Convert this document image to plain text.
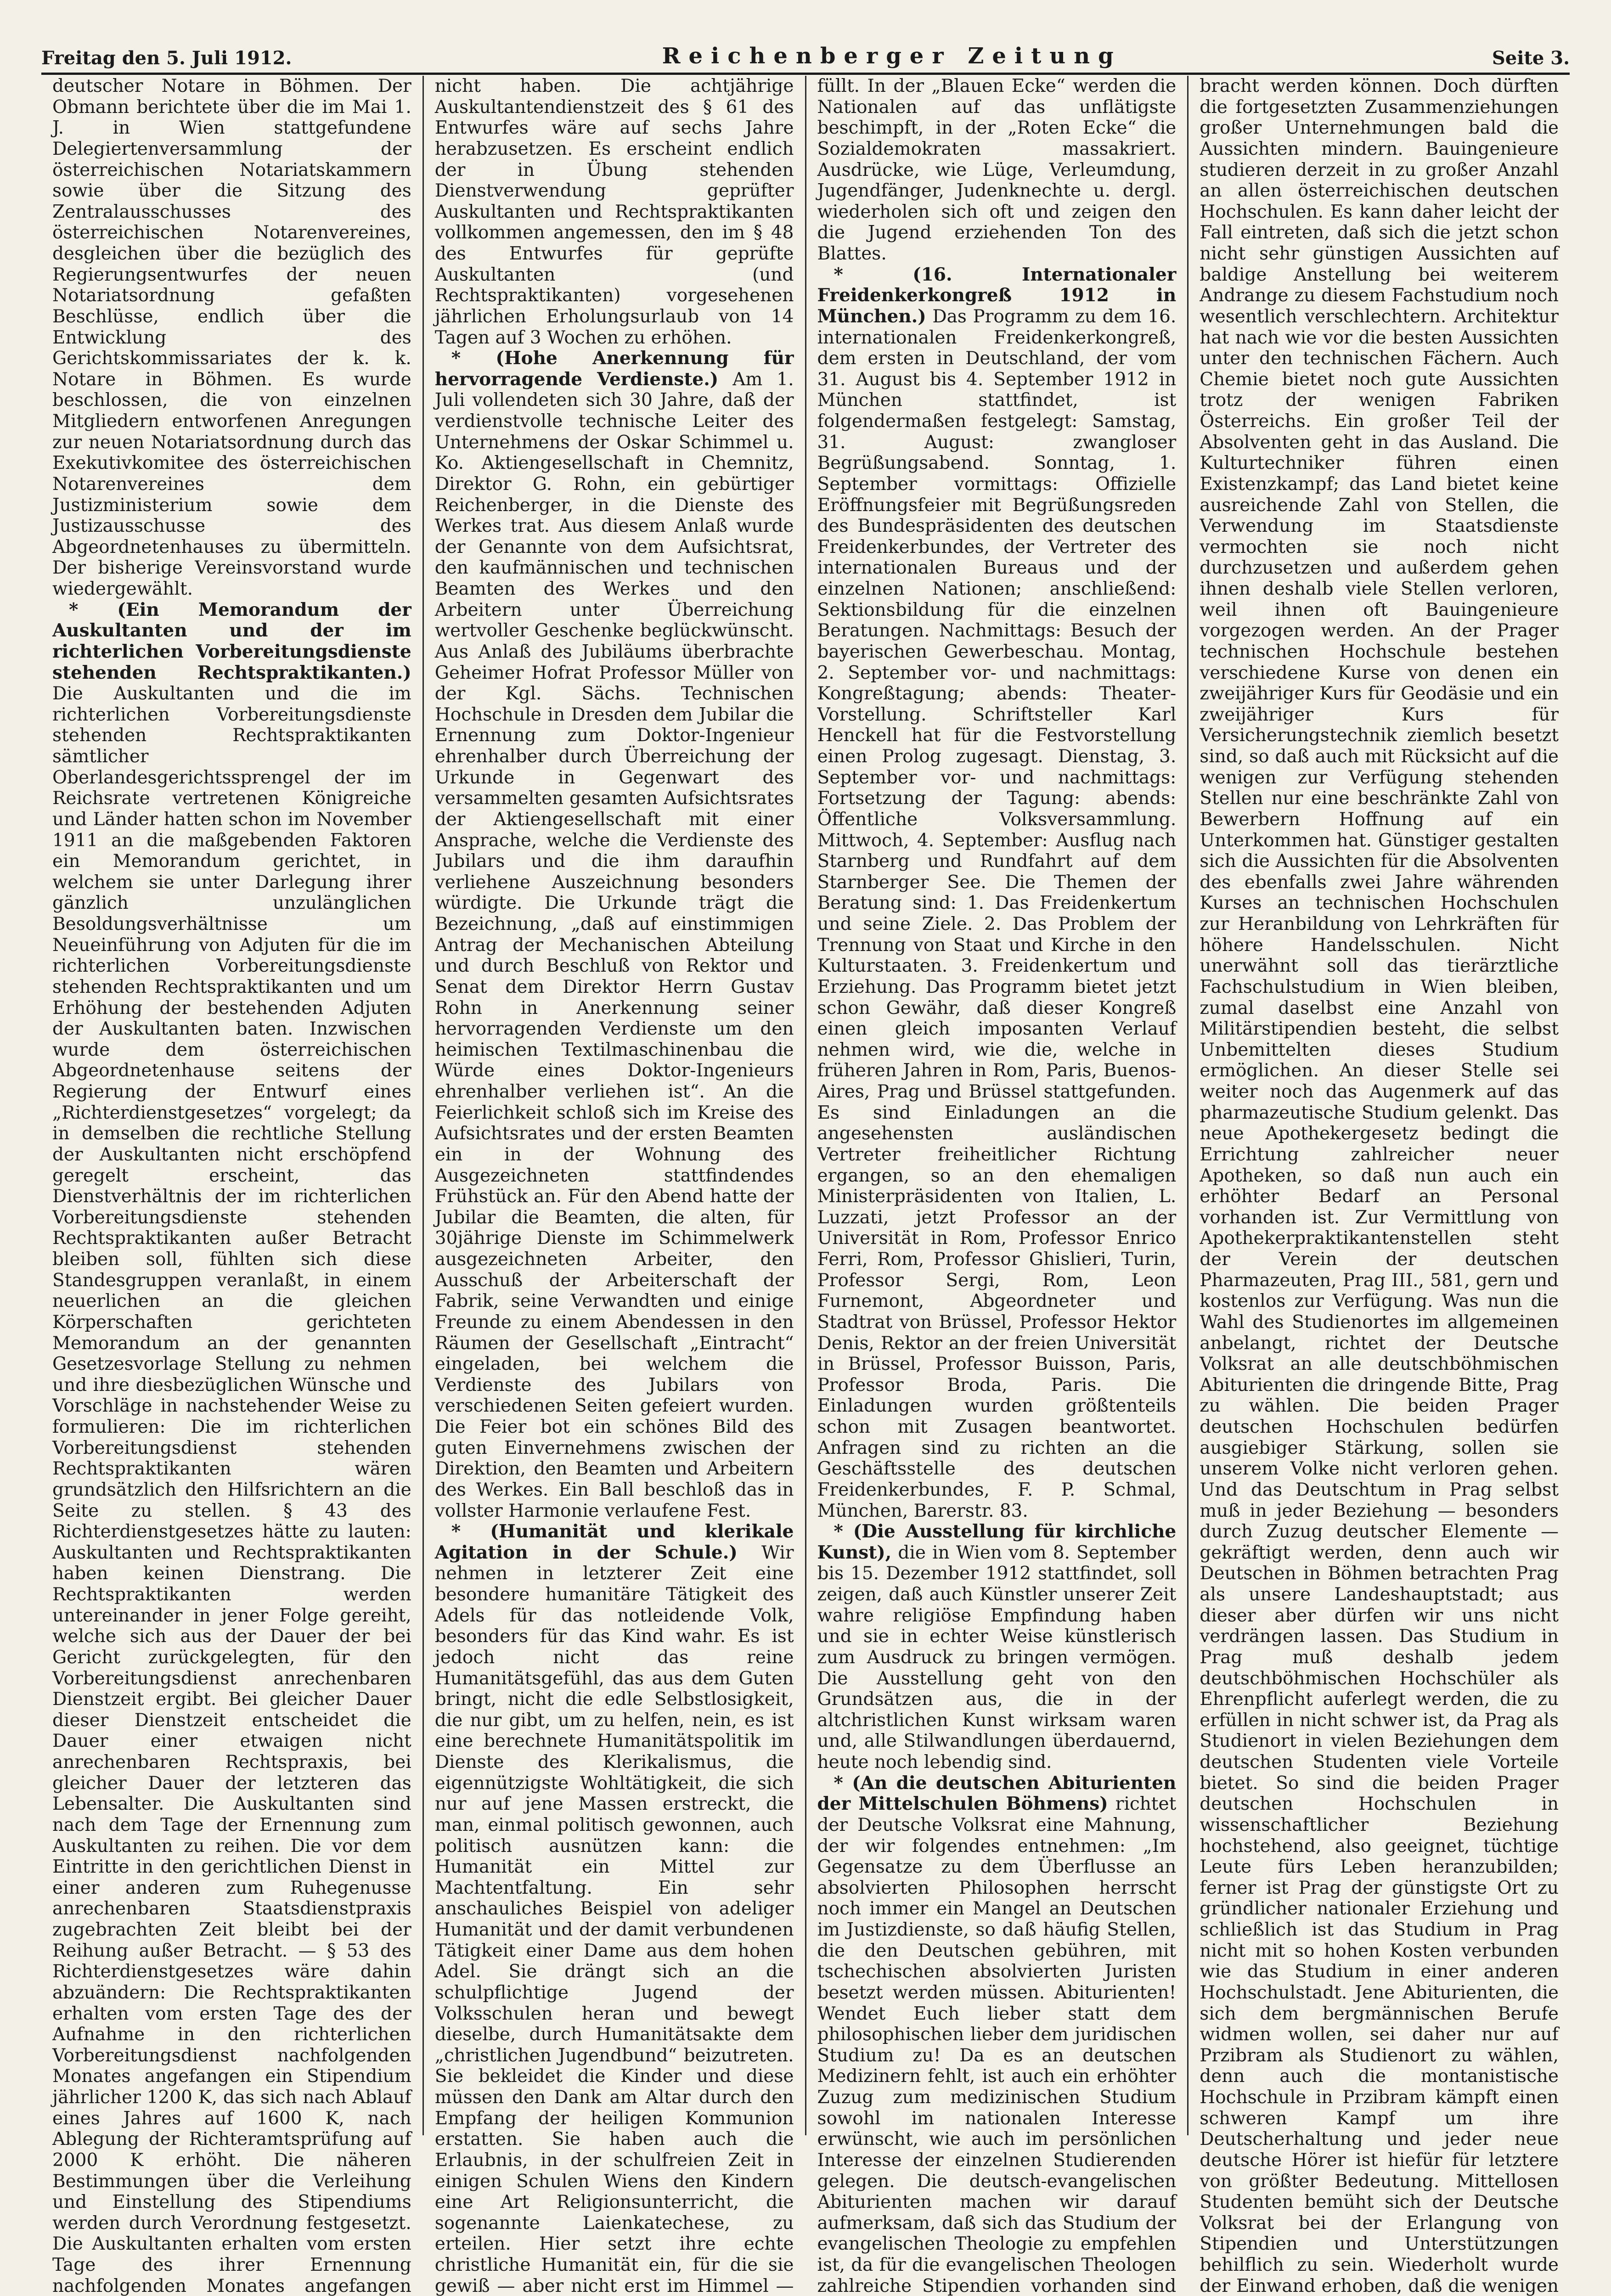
Freitag den 5. Juli 1912.	Reichenberger Zeitung	Seite 3.

deutscher Notare in Böhmen. Der Obmann berichtete über die im Mai 1. J. in Wien stattgefundene Delegiertenversammlung der österreichischen Notariatskammern sowie über die Sitzung des Zentralausschusses des österreichischen Notarenvereines, desgleichen über die bezüglich des Regierungsentwurfes der neuen Notariatsordnung gefaßten Beschlüsse, endlich über die Entwicklung des Gerichtskommissariates der k. k. Notare in Böhmen. Es wurde beschlossen, die von einzelnen Mitgliedern entworfenen Anregungen zur neuen Notariatsordnung durch das Exekutivkomitee des österreichischen Notarenvereines dem Justizministerium sowie dem Justizausschusse des Abgeordnetenhauses zu übermitteln. Der bisherige Vereinsvorstand wurde wiedergewählt.

* (Ein Memorandum der Auskultanten und der im richterlichen Vorbereitungsdienste stehenden Rechtspraktikanten.) Die Auskultanten und die im richterlichen Vorbereitungsdienste stehenden Rechtspraktikanten sämtlicher Oberlandesgerichtssprengel der im Reichsrate vertretenen Königreiche und Länder hatten schon im November 1911 an die maßgebenden Faktoren ein Memorandum gerichtet, in welchem sie unter Darlegung ihrer gänzlich unzulänglichen Besoldungsverhältnisse um Neueinführung von Adjuten für die im richterlichen Vorbereitungsdienste stehenden Rechtspraktikanten und um Erhöhung der bestehenden Adjuten der Auskultanten baten. Inzwischen wurde dem österreichischen Abgeordnetenhause seitens der Regierung der Entwurf eines „Richterdienstgesetzes“ vorgelegt; da in demselben die rechtliche Stellung der Auskultanten nicht erschöpfend geregelt erscheint, das Dienstverhältnis der im richterlichen Vorbereitungsdienste stehenden Rechtspraktikanten außer Betracht bleiben soll, fühlten sich diese Standesgruppen veranlaßt, in einem neuerlichen an die gleichen Körperschaften gerichteten Memorandum an der genannten Gesetzesvorlage Stellung zu nehmen und ihre diesbezüglichen Wünsche und Vorschläge in nachstehender Weise zu formulieren: Die im richterlichen Vorbereitungsdienst stehenden Rechtspraktikanten wären grundsätzlich den Hilfsrichtern an die Seite zu stellen. § 43 des Richterdienstgesetzes hätte zu lauten: Auskultanten und Rechtspraktikanten haben keinen Dienstrang. Die Rechtspraktikanten werden untereinander in jener Folge gereiht, welche sich aus der Dauer der bei Gericht zurückgelegten, für den Vorbereitungsdienst anrechenbaren Dienstzeit ergibt. Bei gleicher Dauer dieser Dienstzeit entscheidet die Dauer einer etwaigen nicht anrechenbaren Rechtspraxis, bei gleicher Dauer der letzteren das Lebensalter. Die Auskultanten sind nach dem Tage der Ernennung zum Auskultanten zu reihen. Die vor dem Eintritte in den gerichtlichen Dienst in einer anderen zum Ruhegenusse anrechenbaren Staatsdienstpraxis zugebrachten Zeit bleibt bei der Reihung außer Betracht. — § 53 des Richterdienstgesetzes wäre dahin abzuändern: Die Rechtspraktikanten erhalten vom ersten Tage des der Aufnahme in den richterlichen Vorbereitungsdienst nachfolgenden Monates angefangen ein Stipendium jährlicher 1200 K, das sich nach Ablauf eines Jahres auf 1600 K, nach Ablegung der Richteramtsprüfung auf 2000 K erhöht. Die näheren Bestimmungen über die Verleihung und Einstellung des Stipendiums werden durch Verordnung festgesetzt. Die Auskultanten erhalten vom ersten Tage des ihrer Ernennung nachfolgenden Monates angefangen

nicht haben. Die achtjährige Auskultantendienstzeit des § 61 des Entwurfes wäre auf sechs Jahre herabzusetzen. Es erscheint endlich der in Übung stehenden Dienstverwendung geprüfter Auskultanten und Rechtspraktikanten vollkommen angemessen, den im § 48 des Entwurfes für geprüfte Auskultanten (und Rechtspraktikanten) vorgesehenen jährlichen Erholungsurlaub von 14 Tagen auf 3 Wochen zu erhöhen.

* (Hohe Anerkennung für hervorragende Verdienste.) Am 1. Juli vollendeten sich 30 Jahre, daß der verdienstvolle technische Leiter des Unternehmens der Oskar Schimmel u. Ko. Aktiengesellschaft in Chemnitz, Direktor G. Rohn, ein gebürtiger Reichenberger, in die Dienste des Werkes trat. Aus diesem Anlaß wurde der Genannte von dem Aufsichtsrat, den kaufmännischen und technischen Beamten des Werkes und den Arbeitern unter Überreichung wertvoller Geschenke beglückwünscht. Aus Anlaß des Jubiläums überbrachte Geheimer Hofrat Professor Müller von der Kgl. Sächs. Technischen Hochschule in Dresden dem Jubilar die Ernennung zum Doktor-Ingenieur ehrenhalber durch Überreichung der Urkunde in Gegenwart des versammelten gesamten Aufsichtsrates der Aktiengesellschaft mit einer Ansprache, welche die Verdienste des Jubilars und die ihm daraufhin verliehene Auszeichnung besonders würdigte. Die Urkunde trägt die Bezeichnung, „daß auf einstimmigen Antrag der Mechanischen Abteilung und durch Beschluß von Rektor und Senat dem Direktor Herrn Gustav Rohn in Anerkennung seiner hervorragenden Verdienste um den heimischen Textilmaschinenbau die Würde eines Doktor-Ingenieurs ehrenhalber verliehen ist“. An die Feierlichkeit schloß sich im Kreise des Aufsichtsrates und der ersten Beamten ein in der Wohnung des Ausgezeichneten stattfindendes Frühstück an. Für den Abend hatte der Jubilar die Beamten, die alten, für 30jährige Dienste im Schimmelwerk ausgezeichneten Arbeiter, den Ausschuß der Arbeiterschaft der Fabrik, seine Verwandten und einige Freunde zu einem Abendessen in den Räumen der Gesellschaft „Eintracht“ eingeladen, bei welchem die Verdienste des Jubilars von verschiedenen Seiten gefeiert wurden. Die Feier bot ein schönes Bild des guten Einvernehmens zwischen der Direktion, den Beamten und Arbeitern des Werkes. Ein Ball beschloß das in vollster Harmonie verlaufene Fest.

* (Humanität und klerikale Agitation in der Schule.) Wir nehmen in letzterer Zeit eine besondere humanitäre Tätigkeit des Adels für das notleidende Volk, besonders für das Kind wahr. Es ist jedoch nicht das reine Humanitätsgefühl, das aus dem Guten bringt, nicht die edle Selbstlosigkeit, die nur gibt, um zu helfen, nein, es ist eine berechnete Humanitätspolitik im Dienste des Klerikalismus, die eigennützigste Wohltätigkeit, die sich nur auf jene Massen erstreckt, die man, einmal politisch gewonnen, auch politisch ausnützen kann: die Humanität ein Mittel zur Machtentfaltung. Ein sehr anschauliches Beispiel von adeliger Humanität und der damit verbundenen Tätigkeit einer Dame aus dem hohen Adel. Sie drängt sich an die schulpflichtige Jugend der Volksschulen heran und bewegt dieselbe, durch Humanitätsakte dem „christlichen Jugendbund“ beizutreten. Sie bekleidet die Kinder und diese müssen den Dank am Altar durch den Empfang der heiligen Kommunion erstatten. Sie haben auch die Erlaubnis, in der schulfreien Zeit in einigen Schulen Wiens den Kindern eine Art Religionsunterricht, die sogenannte Laienkatechese, zu erteilen. Hier setzt ihre echte christliche Humanität ein, für die sie gewiß — aber nicht erst im Himmel —

füllt. In der „Blauen Ecke“ werden die Nationalen auf das unflätigste beschimpft, in der „Roten Ecke“ die Sozialdemokraten massakriert. Ausdrücke, wie Lüge, Verleumdung, Jugendfänger, Judenknechte u. dergl. wiederholen sich oft und zeigen den die Jugend erziehenden Ton des Blattes.

* (16. Internationaler Freidenkerkongreß 1912 in München.) Das Programm zu dem 16. internationalen Freidenkerkongreß, dem ersten in Deutschland, der vom 31. August bis 4. September 1912 in München stattfindet, ist folgendermaßen festgelegt: Samstag, 31. August: zwangloser Begrüßungsabend. Sonntag, 1. September vormittags: Offizielle Eröffnungsfeier mit Begrüßungsreden des Bundespräsidenten des deutschen Freidenkerbundes, der Vertreter des internationalen Bureaus und der einzelnen Nationen; anschließend: Sektionsbildung für die einzelnen Beratungen. Nachmittags: Besuch der bayerischen Gewerbeschau. Montag, 2. September vor- und nachmittags: Kongreßtagung; abends: Theater-Vorstellung. Schriftsteller Karl Henckell hat für die Festvorstellung einen Prolog zugesagt. Dienstag, 3. September vor- und nachmittags: Fortsetzung der Tagung: abends: Öffentliche Volksversammlung. Mittwoch, 4. September: Ausflug nach Starnberg und Rundfahrt auf dem Starnberger See. Die Themen der Beratung sind: 1. Das Freidenkertum und seine Ziele. 2. Das Problem der Trennung von Staat und Kirche in den Kulturstaaten. 3. Freidenkertum und Erziehung. Das Programm bietet jetzt schon Gewähr, daß dieser Kongreß einen gleich imposanten Verlauf nehmen wird, wie die, welche in früheren Jahren in Rom, Paris, Buenos-Aires, Prag und Brüssel stattgefunden. Es sind Einladungen an die angesehensten ausländischen Vertreter freiheitlicher Richtung ergangen, so an den ehemaligen Ministerpräsidenten von Italien, L. Luzzati, jetzt Professor an der Universität in Rom, Professor Enrico Ferri, Rom, Professor Ghislieri, Turin, Professor Sergi, Rom, Leon Furnemont, Abgeordneter und Stadtrat von Brüssel, Professor Hektor Denis, Rektor an der freien Universität in Brüssel, Professor Buisson, Paris, Professor Broda, Paris. Die Einladungen wurden größtenteils schon mit Zusagen beantwortet. Anfragen sind zu richten an die Geschäftsstelle des deutschen Freidenkerbundes, F. P. Schmal, München, Barerstr. 83.

* (Die Ausstellung für kirchliche Kunst), die in Wien vom 8. September bis 15. Dezember 1912 stattfindet, soll zeigen, daß auch Künstler unserer Zeit wahre religiöse Empfindung haben und sie in echter Weise künstlerisch zum Ausdruck zu bringen vermögen. Die Ausstellung geht von den Grundsätzen aus, die in der altchristlichen Kunst wirksam waren und, alle Stilwandlungen überdauernd, heute noch lebendig sind.

* (An die deutschen Abiturienten der Mittelschulen Böhmens) richtet der Deutsche Volksrat eine Mahnung, der wir folgendes entnehmen: „Im Gegensatze zu dem Überflusse an absolvierten Philosophen herrscht noch immer ein Mangel an Deutschen im Justizdienste, so daß häufig Stellen, die den Deutschen gebühren, mit tschechischen absolvierten Juristen besetzt werden müssen. Abiturienten! Wendet Euch lieber statt dem philosophischen lieber dem juridischen Studium zu! Da es an deutschen Medizinern fehlt, ist auch ein erhöhter Zuzug zum medizinischen Studium sowohl im nationalen Interesse erwünscht, wie auch im persönlichen Interesse der einzelnen Studierenden gelegen. Die deutsch-evangelischen Abiturienten machen wir darauf aufmerksam, daß sich das Studium der evangelischen Theologie zu empfehlen ist, da für die evangelischen Theologen zahlreiche Stipendien vorhanden sind

bracht werden können. Doch dürften die fortgesetzten Zusammenziehungen großer Unternehmungen bald die Aussichten mindern. Bauingenieure studieren derzeit in zu großer Anzahl an allen österreichischen deutschen Hochschulen. Es kann daher leicht der Fall eintreten, daß sich die jetzt schon nicht sehr günstigen Aussichten auf baldige Anstellung bei weiterem Andrange zu diesem Fachstudium noch wesentlich verschlechtern. Architektur hat nach wie vor die besten Aussichten unter den technischen Fächern. Auch Chemie bietet noch gute Aussichten trotz der wenigen Fabriken Österreichs. Ein großer Teil der Absolventen geht in das Ausland. Die Kulturtechniker führen einen Existenzkampf; das Land bietet keine ausreichende Zahl von Stellen, die Verwendung im Staatsdienste vermochten sie noch nicht durchzusetzen und außerdem gehen ihnen deshalb viele Stellen verloren, weil ihnen oft Bauingenieure vorgezogen werden. An der Prager technischen Hochschule bestehen verschiedene Kurse von denen ein zweijähriger Kurs für Geodäsie und ein zweijähriger Kurs für Versicherungstechnik ziemlich besetzt sind, so daß auch mit Rücksicht auf die wenigen zur Verfügung stehenden Stellen nur eine beschränkte Zahl von Bewerbern Hoffnung auf ein Unterkommen hat. Günstiger gestalten sich die Aussichten für die Absolventen des ebenfalls zwei Jahre währenden Kurses an technischen Hochschulen zur Heranbildung von Lehrkräften für höhere Handelsschulen. Nicht unerwähnt soll das tierärztliche Fachschulstudium in Wien bleiben, zumal daselbst eine Anzahl von Militärstipendien besteht, die selbst Unbemittelten dieses Studium ermöglichen. An dieser Stelle sei weiter noch das Augenmerk auf das pharmazeutische Studium gelenkt. Das neue Apothekergesetz bedingt die Errichtung zahlreicher neuer Apotheken, so daß nun auch ein erhöhter Bedarf an Personal vorhanden ist. Zur Vermittlung von Apothekerpraktikantenstellen steht der Verein der deutschen Pharmazeuten, Prag III., 581, gern und kostenlos zur Verfügung. Was nun die Wahl des Studienortes im allgemeinen anbelangt, richtet der Deutsche Volksrat an alle deutschböhmischen Abiturienten die dringende Bitte, Prag zu wählen. Die beiden Prager deutschen Hochschulen bedürfen ausgiebiger Stärkung, sollen sie unserem Volke nicht verloren gehen. Und das Deutschtum in Prag selbst muß in jeder Beziehung — besonders durch Zuzug deutscher Elemente — gekräftigt werden, denn auch wir Deutschen in Böhmen betrachten Prag als unsere Landeshauptstadt; aus dieser aber dürfen wir uns nicht verdrängen lassen. Das Studium in Prag muß deshalb jedem deutschböhmischen Hochschüler als Ehrenpflicht auferlegt werden, die zu erfüllen in nicht schwer ist, da Prag als Studienort in vielen Beziehungen dem deutschen Studenten viele Vorteile bietet. So sind die beiden Prager deutschen Hochschulen in wissenschaftlicher Beziehung hochstehend, also geeignet, tüchtige Leute fürs Leben heranzubilden; ferner ist Prag der günstigste Ort zu gründlicher nationaler Erziehung und schließlich ist das Studium in Prag nicht mit so hohen Kosten verbunden wie das Studium in einer anderen Hochschulstadt. Jene Abiturienten, die sich dem bergmännischen Berufe widmen wollen, sei daher nur auf Przibram als Studienort zu wählen, denn auch die montanistische Hochschule in Przibram kämpft einen schweren Kampf um ihre Deutscherhaltung und jeder neue deutsche Hörer ist hiefür für letztere von größter Bedeutung. Mittellosen Studenten bemüht sich der Deutsche Volksrat bei der Erlangung von Stipendien und Unterstützungen behilflich zu sein. Wiederholt wurde der Einwand erhoben, daß die wenigen
